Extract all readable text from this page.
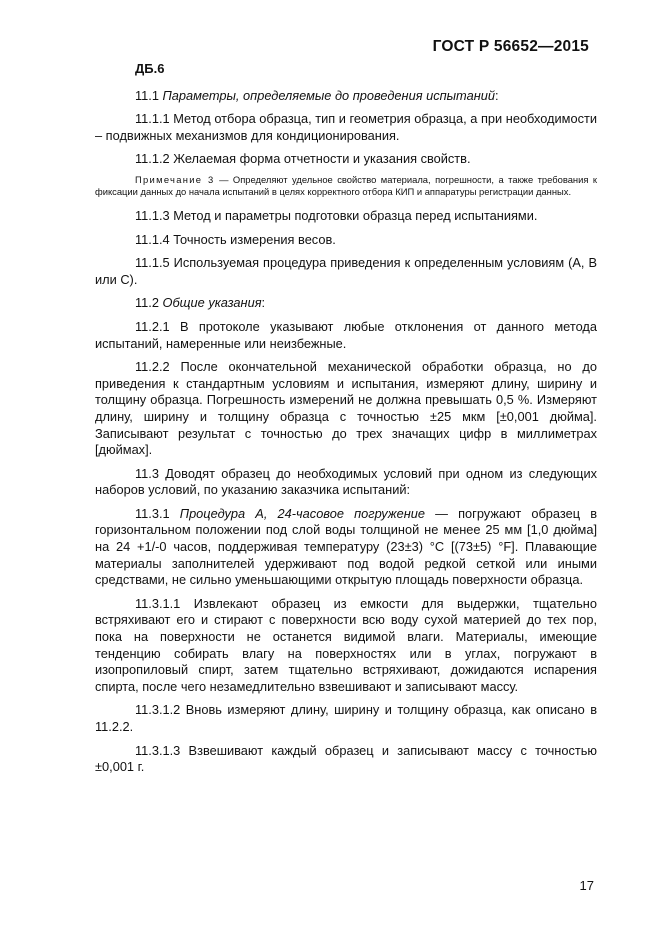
ГОСТ Р 56652—2015
ДБ.6

11.1 Параметры, определяемые до проведения испытаний:

11.1.1 Метод отбора образца, тип и геометрия образца, а при необходимости – подвижных механизмов для кондиционирования.

11.1.2 Желаемая форма отчетности и указания свойств.

Примечание 3 — Определяют удельное свойство материала, погрешности, а также требования к фиксации данных до начала испытаний в целях корректного отбора КИП и аппаратуры регистрации данных.

11.1.3 Метод и параметры подготовки образца перед испытаниями.

11.1.4 Точность измерения весов.

11.1.5 Используемая процедура приведения к определенным условиям (А, В или С).

11.2 Общие указания:

11.2.1 В протоколе указывают любые отклонения от данного метода испытаний, намеренные или неизбежные.

11.2.2 После окончательной механической обработки образца, но до приведения к стандартным условиям и испытания, измеряют длину, ширину и толщину образца. Погрешность измерений не должна превышать 0,5 %. Измеряют длину, ширину и толщину образца с точностью ±25 мкм [±0,001 дюйма]. Записывают результат с точностью до трех значащих цифр в миллиметрах [дюймах].

11.3 Доводят образец до необходимых условий при одном из следующих наборов условий, по указанию заказчика испытаний:

11.3.1 Процедура А, 24-часовое погружение — погружают образец в горизонтальном положении под слой воды толщиной не менее 25 мм [1,0 дюйма] на 24 +1/-0 часов, поддерживая температуру (23±3) °C [(73±5) °F]. Плавающие материалы заполнителей удерживают под водой редкой сеткой или иными средствами, не сильно уменьшающими открытую площадь поверхности образца.

11.3.1.1 Извлекают образец из емкости для выдержки, тщательно встряхивают его и стирают с поверхности всю воду сухой материей до тех пор, пока на поверхности не останется видимой влаги. Материалы, имеющие тенденцию собирать влагу на поверхностях или в углах, погружают в изопропиловый спирт, затем тщательно встряхивают, дожидаются испарения спирта, после чего незамедлительно взвешивают и записывают массу.

11.3.1.2 Вновь измеряют длину, ширину и толщину образца, как описано в 11.2.2.

11.3.1.3 Взвешивают каждый образец и записывают массу с точностью ±0,001 г.

17
